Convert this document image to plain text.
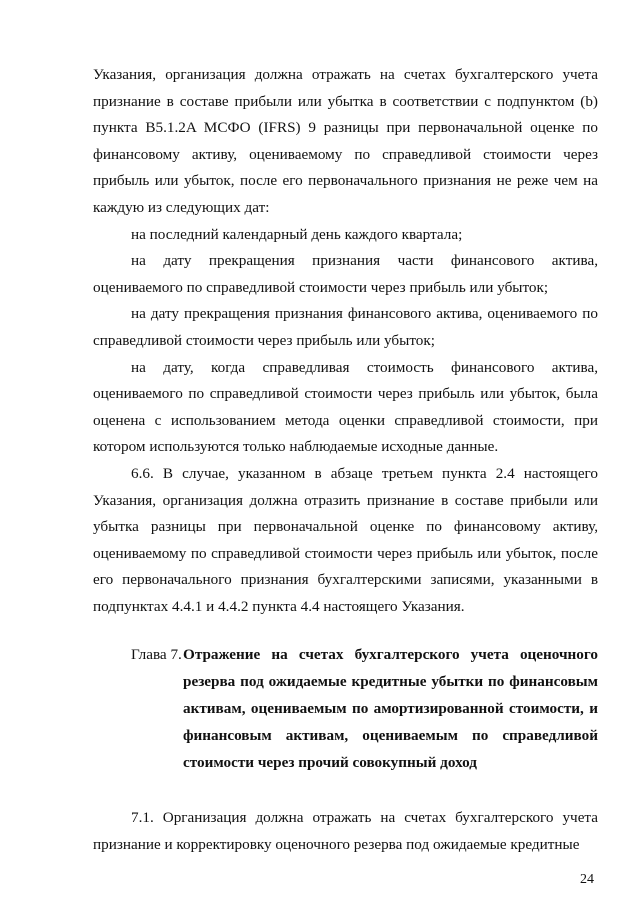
Указания, организация должна отражать на счетах бухгалтерского учета признание в составе прибыли или убытка в соответствии с подпунктом (b) пункта B5.1.2A МСФО (IFRS) 9 разницы при первоначальной оценке по финансовому активу, оцениваемому по справедливой стоимости через прибыль или убыток, после его первоначального признания не реже чем на каждую из следующих дат:

на последний календарный день каждого квартала;

на дату прекращения признания части финансового актива, оцениваемого по справедливой стоимости через прибыль или убыток;

на дату прекращения признания финансового актива, оцениваемого по справедливой стоимости через прибыль или убыток;

на дату, когда справедливая стоимость финансового актива, оцениваемого по справедливой стоимости через прибыль или убыток, была оценена с использованием метода оценки справедливой стоимости, при котором используются только наблюдаемые исходные данные.

6.6. В случае, указанном в абзаце третьем пункта 2.4 настоящего Указания, организация должна отразить признание в составе прибыли или убытка разницы при первоначальной оценке по финансовому активу, оцениваемому по справедливой стоимости через прибыль или убыток, после его первоначального признания бухгалтерскими записями, указанными в подпунктах 4.4.1 и 4.4.2 пункта 4.4 настоящего Указания.

Глава 7. Отражение на счетах бухгалтерского учета оценочного резерва под ожидаемые кредитные убытки по финансовым активам, оцениваемым по амортизированной стоимости, и финансовым активам, оцениваемым по справедливой стоимости через прочий совокупный доход

7.1. Организация должна отражать на счетах бухгалтерского учета признание и корректировку оценочного резерва под ожидаемые кредитные

24
